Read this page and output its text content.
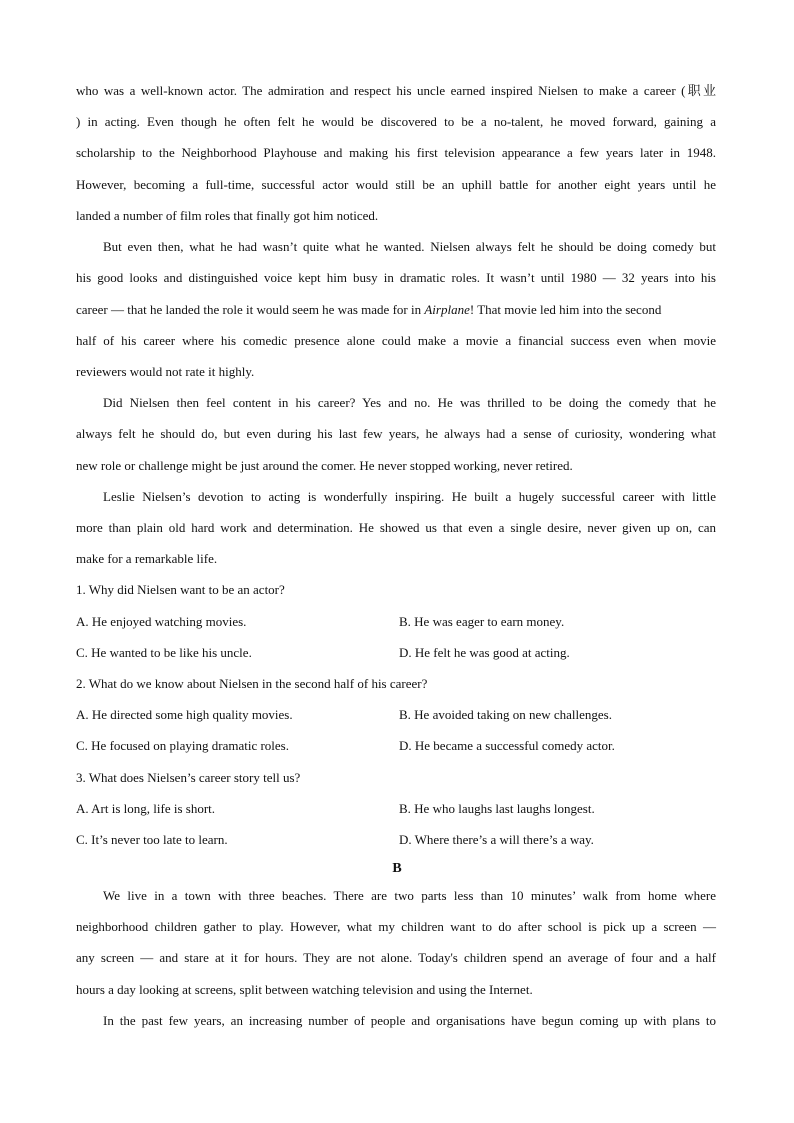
who was a well-known actor. The admiration and respect his uncle earned inspired Nielsen to make a career (职业
) in acting. Even though he often felt he would be discovered to be a no-talent, he moved forward, gaining a
scholarship to the Neighborhood Playhouse and making his first television appearance a few years later in 1948.
However, becoming a full-time, successful actor would still be an uphill battle for another eight years until he
landed a number of film roles that finally got him noticed.
But even then, what he had wasn’t quite what he wanted. Nielsen always felt he should be doing comedy but
his good looks and distinguished voice kept him busy in dramatic roles. It wasn’t until 1980 — 32 years into his
career — that he landed the role it would seem he was made for in Airplane! That movie led him into the second
half of his career where his comedic presence alone could make a movie a financial success even when movie
reviewers would not rate it highly.
Did Nielsen then feel content in his career? Yes and no. He was thrilled to be doing the comedy that he
always felt he should do, but even during his last few years, he always had a sense of curiosity, wondering what
new role or challenge might be just around the comer. He never stopped working, never retired.
Leslie Nielsen’s devotion to acting is wonderfully inspiring. He built a hugely successful career with little
more than plain old hard work and determination. He showed us that even a single desire, never given up on, can
make for a remarkable life.
1. Why did Nielsen want to be an actor?
A. He enjoyed watching movies.	B. He was eager to earn money.
C. He wanted to be like his uncle.	D. He felt he was good at acting.
2. What do we know about Nielsen in the second half of his career?
A. He directed some high quality movies.	B. He avoided taking on new challenges.
C. He focused on playing dramatic roles.	D. He became a successful comedy actor.
3. What does Nielsen’s career story tell us?
A. Art is long, life is short.	B. He who laughs last laughs longest.
C. It’s never too late to learn.	D. Where there’s a will there’s a way.
B
We live in a town with three beaches. There are two parts less than 10 minutes’ walk from home where
neighborhood children gather to play. However, what my children want to do after school is pick up a screen —
any screen — and stare at it for hours. They are not alone. Today's children spend an average of four and a half
hours a day looking at screens, split between watching television and using the Internet.
In the past few years, an increasing number of people and organisations have begun coming up with plans to
